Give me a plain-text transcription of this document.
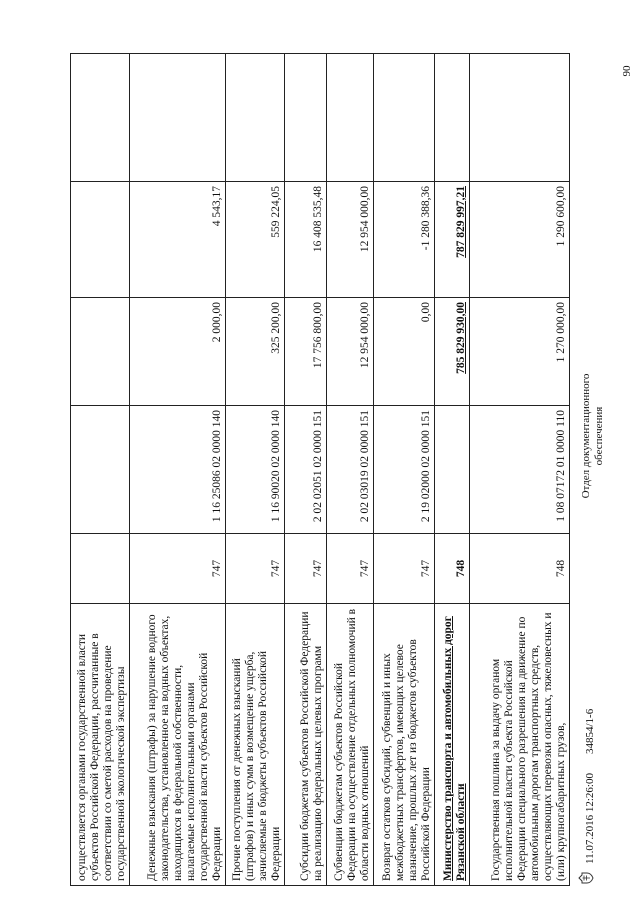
90
осуществляется органами государственной власти субъектов Российской Федерации, рассчитанные в соответствии со сметой расходов на проведение государственной экологической экспертизы					
Денежные взыскания (штрафы) за нарушение водного законодательства, установленное на водных объектах, находящихся в федеральной собственности, налагаемые исполнительными органами государственной власти субъектов Российской Федерации	747	1 16 25086 02 0000 140	2 000,00	4 543,17	
Прочие поступления от денежных взысканий (штрафов) и иных сумм в возмещение ущерба, зачисляемые в бюджеты субъектов Российской Федерации	747	1 16 90020 02 0000 140	325 200,00	559 224,05	
Субсидии бюджетам субъектов Российской Федерации на реализацию федеральных целевых программ	747	2 02 02051 02 0000 151	17 756 800,00	16 408 535,48	
Субвенции бюджетам субъектов Российской Федерации на осуществление отдельных полномочий в области водных отношений	747	2 02 03019 02 0000 151	12 954 000,00	12 954 000,00	
Возврат остатков субсидий, субвенций и иных межбюджетных трансфертов, имеющих целевое назначение, прошлых лет из бюджетов субъектов Российской Федерации	747	2 19 02000 02 0000 151	0,00	-1 280 388,36	
Министерство транспорта и автомобильных дорог Рязанской области	748		785 829 930,00	787 829 997,21	
Государственная пошлина за выдачу органом исполнительной власти субъекта Российской Федерации специального разрешения на движение по автомобильным дорогам транспортных средств, осуществляющих перевозки опасных, тяжеловесных и (или) крупногабаритных грузов,	748	1 08 07172 01 0000 110	1 270 000,00	1 290 600,00	
11.07.2016 12:26:00
34854/1-6
Отдел документационного обеспечения
